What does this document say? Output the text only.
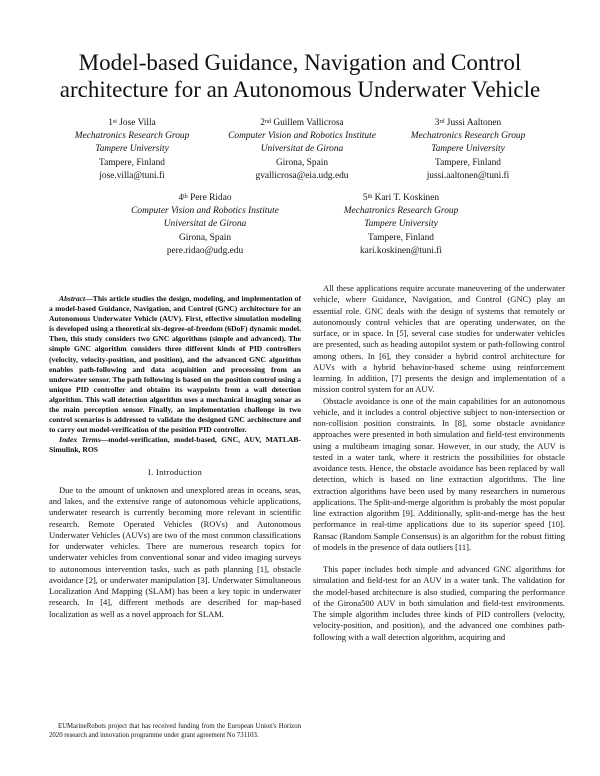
Model-based Guidance, Navigation and Control architecture for an Autonomous Underwater Vehicle
1st Jose Villa
Mechatronics Research Group
Tampere University
Tampere, Finland
jose.villa@tuni.fi
2nd Guillem Vallicrosa
Computer Vision and Robotics Institute
Universitat de Girona
Girona, Spain
gvallicrosa@eia.udg.edu
3rd Jussi Aaltonen
Mechatronics Research Group
Tampere University
Tampere, Finland
jussi.aaltonen@tuni.fi
4th Pere Ridao
Computer Vision and Robotics Institute
Universitat de Girona
Girona, Spain
pere.ridao@udg.edu
5th Kari T. Koskinen
Mechatronics Research Group
Tampere University
Tampere, Finland
kari.koskinen@tuni.fi

Abstract—This article studies the design, modeling, and implementation of a model-based Guidance, Navigation, and Control (GNC) architecture for an Autonomous Underwater Vehicle (AUV). First, effective simulation modeling is developed using a theoretical six-degree-of-freedom (6DoF) dynamic model. Then, this study considers two GNC algorithms (simple and advanced). The simple GNC algorithm considers three different kinds of PID controllers (velocity, velocity-position, and position), and the advanced GNC algorithm enables path-following and data acquisition and processing from an underwater sensor. The path following is based on the position control using a unique PID controller and obtains its waypoints from a wall detection algorithm. This wall detection algorithm uses a mechanical imaging sonar as the main perception sensor. Finally, an implementation challenge in two control scenarios is addressed to validate the designed GNC architecture and to carry out model-verification of the position PID controller.

Index Terms—model-verification, model-based, GNC, AUV, MATLAB-Simulink, ROS

I. Introduction

Due to the amount of unknown and unexplored areas in oceans, seas, and lakes, and the extensive range of autonomous vehicle applications, underwater research is currently becoming more relevant in scientific research. Remote Operated Vehicles (ROVs) and Autonomous Underwater Vehicles (AUVs) are two of the most common classifications for underwater vehicles. There are numerous research topics for underwater vehicles from conventional sonar and video imaging surveys to autonomous intervention tasks, such as path planning [1], obstacle avoidance [2], or underwater manipulation [3]. Underwater Simultaneous Localization And Mapping (SLAM) has been a key topic in underwater research. In [4], different methods are described for map-based localization as well as a novel approach for SLAM.

EUMarineRobots project that has received funding from the European Union's Horizon 2020 research and innovation programme under grant agreement No 731103.

All these applications require accurate maneuvering of the underwater vehicle, where Guidance, Navigation, and Control (GNC) play an essential role. GNC deals with the design of systems that remotely or autonomously control vehicles that are operating underwater, on the surface, or in space. In [5], several case studies for underwater vehicles are presented, such as heading autopilot system or path-following control among others. In [6], they consider a hybrid control architecture for AUVs with a hybrid behavior-based scheme using reinforcement learning. In addition, [7] presents the design and implementation of a mission control system for an AUV.

Obstacle avoidance is one of the main capabilities for an autonomous vehicle, and it includes a control objective subject to non-intersection or non-collision position constraints. In [8], some obstacle avoidance approaches were presented in both simulation and field-test environments using a multibeam imaging sonar. However, in our study, the AUV is tested in a water tank, where it restricts the possibilities for obstacle avoidance tests. Hence, the obstacle avoidance has been replaced by wall detection, which is based on line extraction algorithms. The line extraction algorithms have been used by many researchers in numerous applications. The Split-and-merge algorithm is probably the most popular line extraction algorithm [9]. Additionally, split-and-merge has the best performance in real-time applications due to its superior speed [10]. Ransac (Random Sample Consensus) is an algorithm for the robust fitting of models in the presence of data outliers [11].

This paper includes both simple and advanced GNC algorithms for simulation and field-test for an AUV in a water tank. The validation for the model-based architecture is also studied, comparing the performance of the Girona500 AUV in both simulation and field-test environments. The simple algorithm includes three kinds of PID controllers (velocity, velocity-position, and position), and the advanced one combines path-following with a wall detection algorithm, acquiring and
